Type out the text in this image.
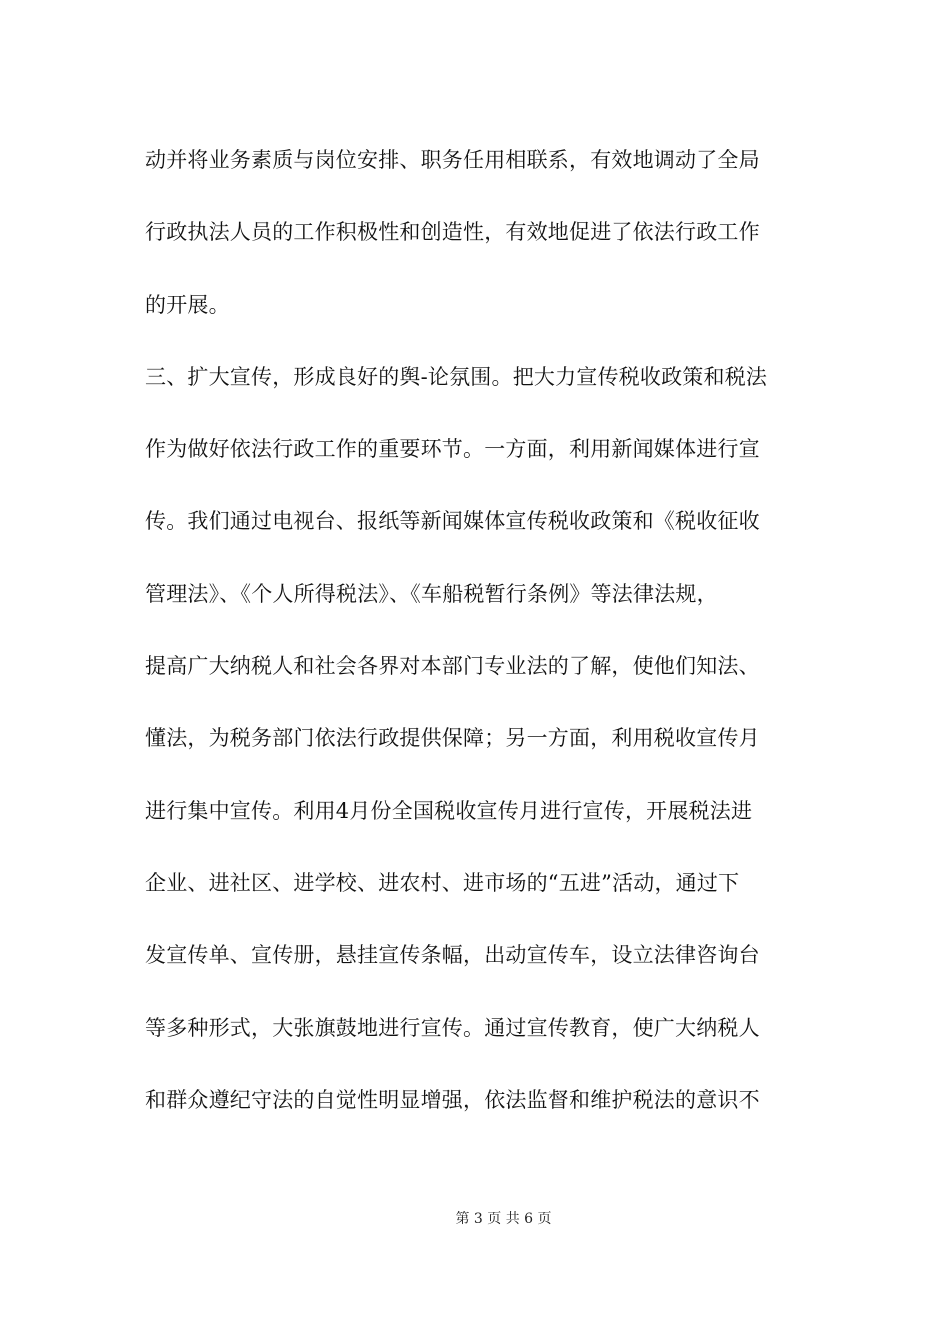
动并将业务素质与岗位安排、职务任用相联系，有效地调动了全局
行政执法人员的工作积极性和创造性，有效地促进了依法行政工作
的开展。
三、扩大宣传，形成良好的舆-论氛围。把大力宣传税收政策和税法
作为做好依法行政工作的重要环节。一方面，利用新闻媒体进行宣
传。我们通过电视台、报纸等新闻媒体宣传税收政策和《税收征收
管理法》、《个人所得税法》、《车船税暂行条例》等法律法规，
提高广大纳税人和社会各界对本部门专业法的了解，使他们知法、
懂法，为税务部门依法行政提供保障；另一方面，利用税收宣传月
进行集中宣传。利用4月份全国税收宣传月进行宣传，开展税法进
企业、进社区、进学校、进农村、进市场的“五进”活动，通过下
发宣传单、宣传册，悬挂宣传条幅，出动宣传车，设立法律咨询台
等多种形式，大张旗鼓地进行宣传。通过宣传教育，使广大纳税人
和群众遵纪守法的自觉性明显增强，依法监督和维护税法的意识不
第 3 页 共 6 页
